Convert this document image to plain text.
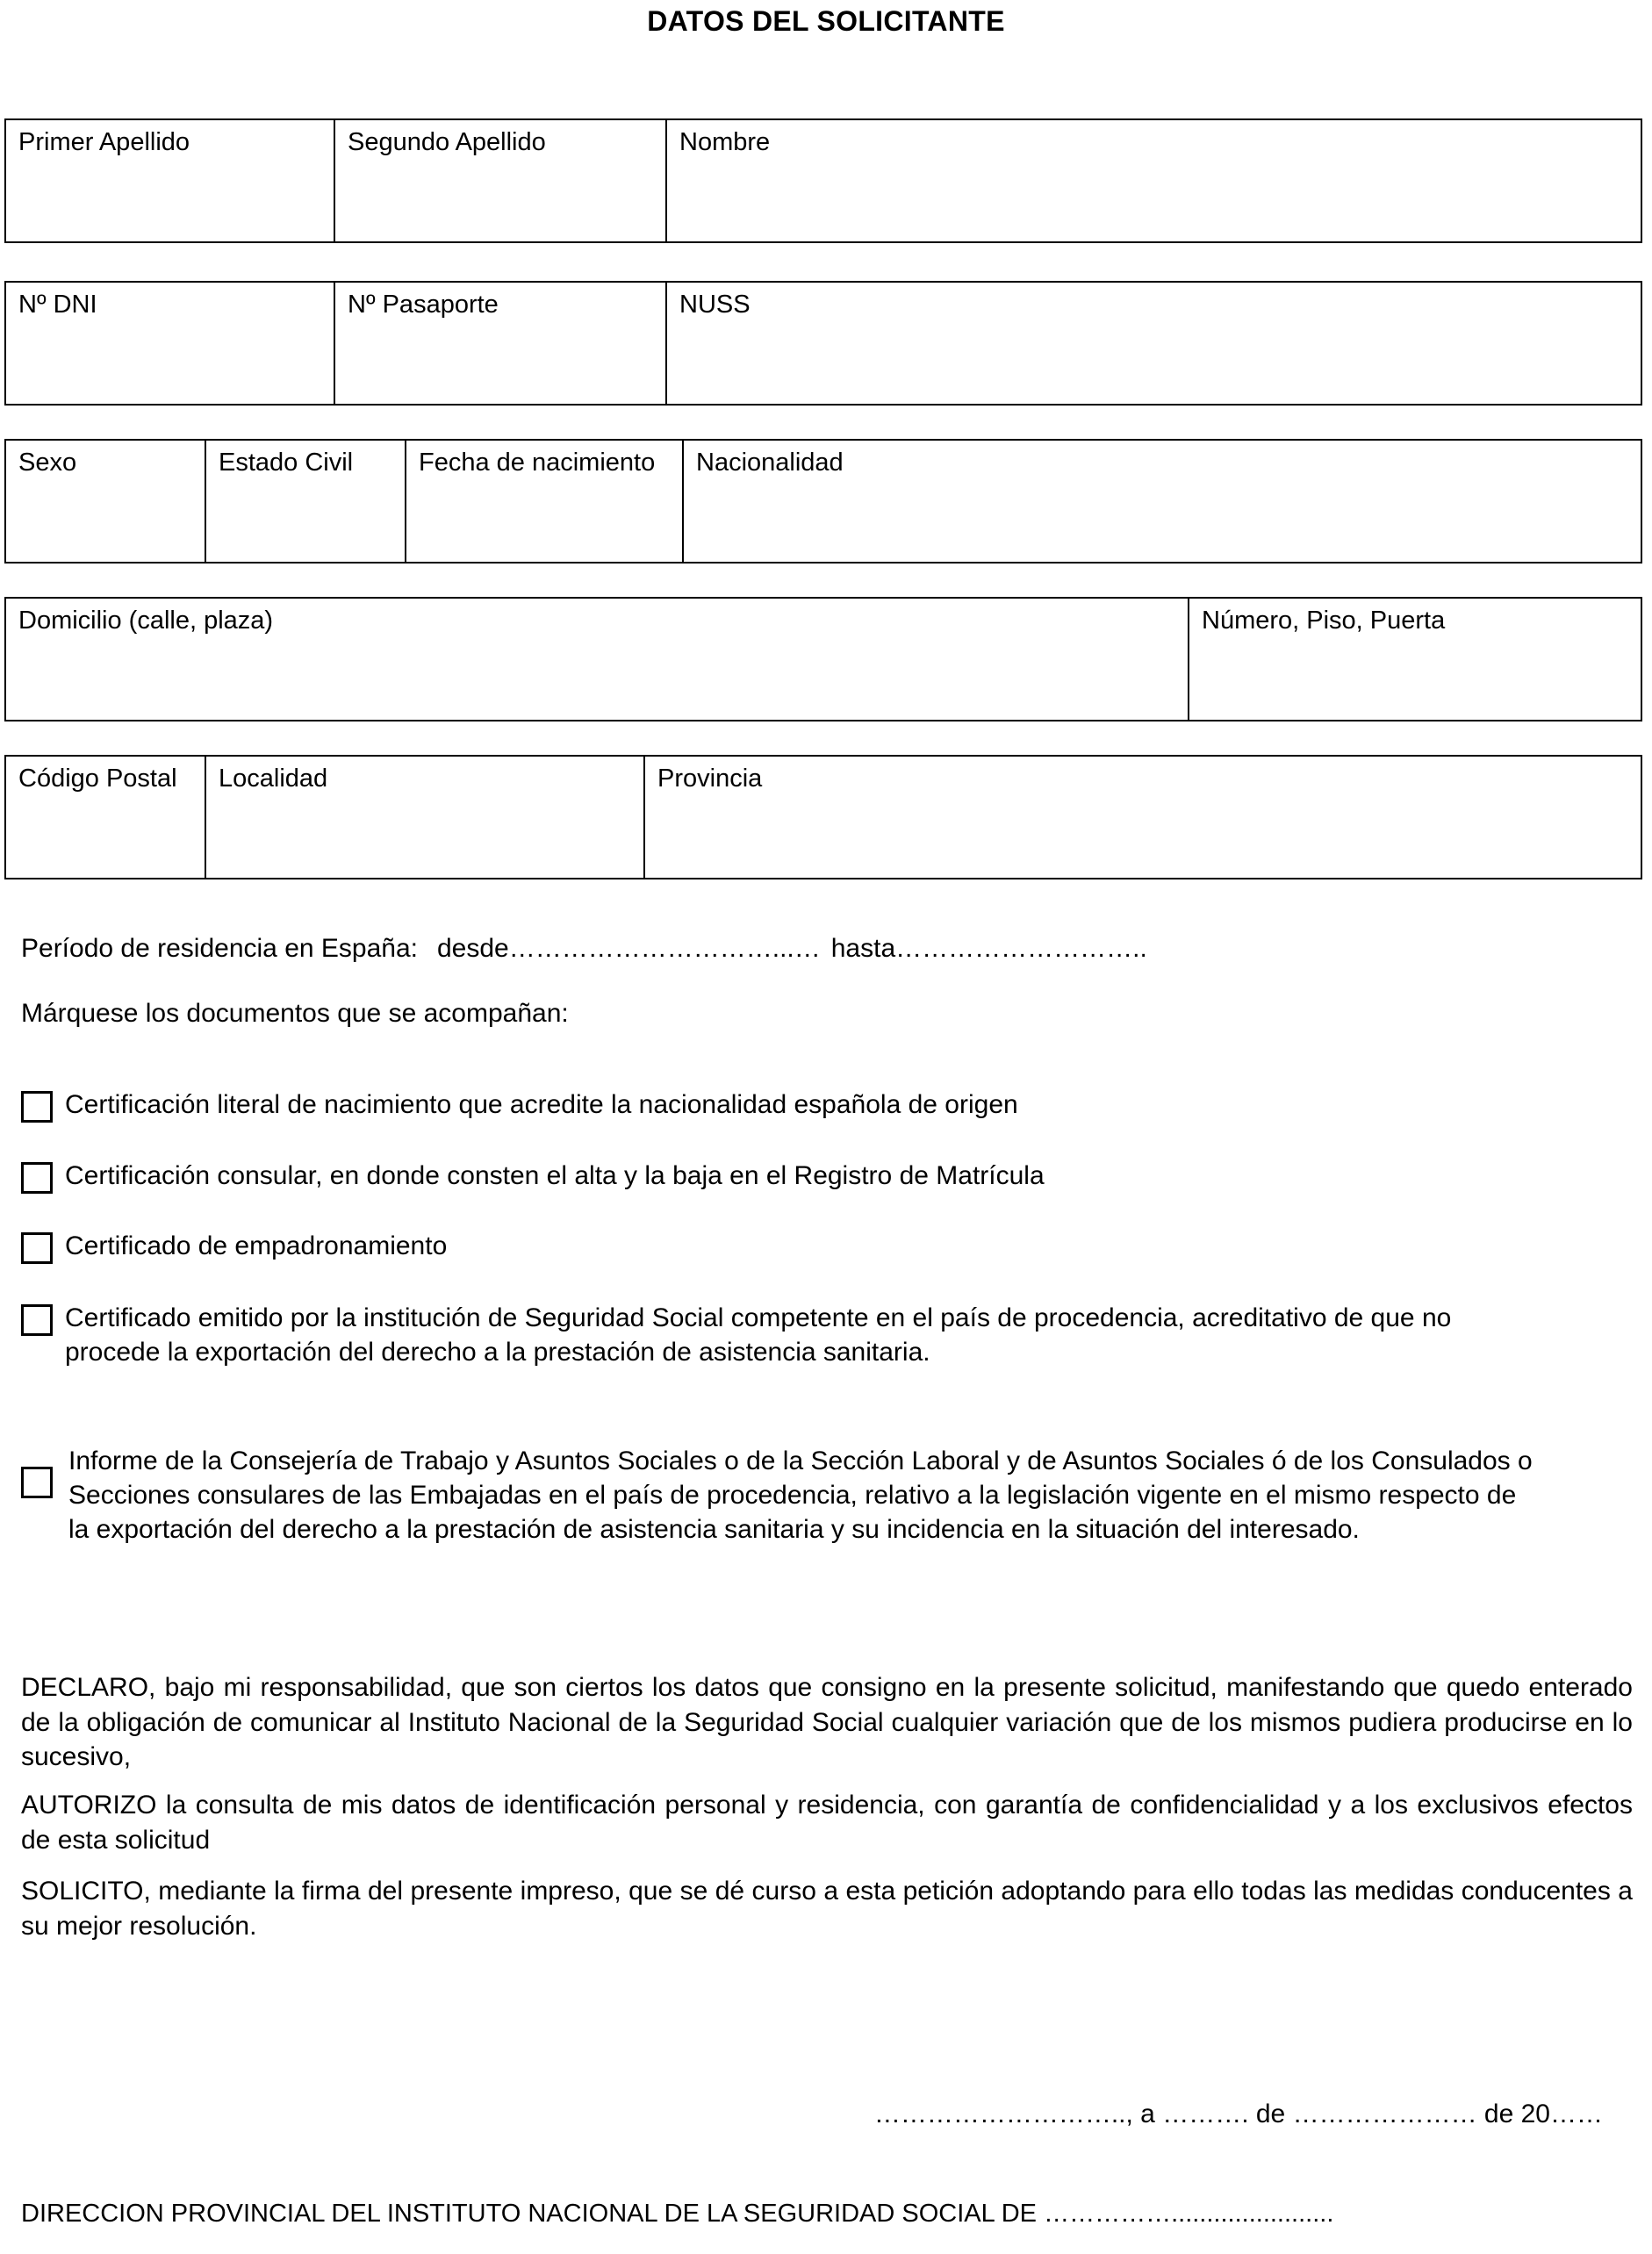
DATOS DEL SOLICITANTE
Primer Apellido	Segundo Apellido	Nombre
Nº DNI	Nº Pasaporte	NUSS
Sexo	Estado Civil	Fecha de nacimiento	Nacionalidad
Domicilio (calle, plaza)	Número, Piso, Puerta
Código Postal	Localidad	Provincia
Período de residencia en España: desde…………………………...… hasta………………………..
Márquese los documentos que se acompañan:
Certificación literal de nacimiento que acredite la nacionalidad española de origen
Certificación consular, en donde consten el alta y la baja en el Registro de Matrícula
Certificado de empadronamiento
Certificado emitido por la institución de Seguridad Social competente en el país de procedencia, acreditativo de que no procede la exportación del derecho a la prestación de asistencia sanitaria.
Informe de la Consejería de Trabajo y Asuntos Sociales o de la Sección Laboral y de Asuntos Sociales ó de los Consulados o Secciones consulares de las Embajadas en el país de procedencia, relativo a la legislación vigente en el mismo respecto de la exportación del derecho a la prestación de asistencia sanitaria y su incidencia en la situación del interesado.
DECLARO, bajo mi responsabilidad, que son ciertos los datos que consigno en la presente solicitud, manifestando que quedo enterado de la obligación de comunicar al Instituto Nacional de la Seguridad Social cualquier variación que de los mismos pudiera producirse en lo sucesivo,
AUTORIZO la consulta de mis datos de identificación personal y residencia, con garantía de confidencialidad y a los exclusivos efectos de esta solicitud
SOLICITO, mediante la firma del presente impreso, que se dé curso a esta petición adoptando para ello todas las medidas conducentes a su mejor resolución.
……………………….., a ………. de ………………… de 20……
DIRECCION PROVINCIAL DEL INSTITUTO NACIONAL DE LA SEGURIDAD SOCIAL DE …………….......................
